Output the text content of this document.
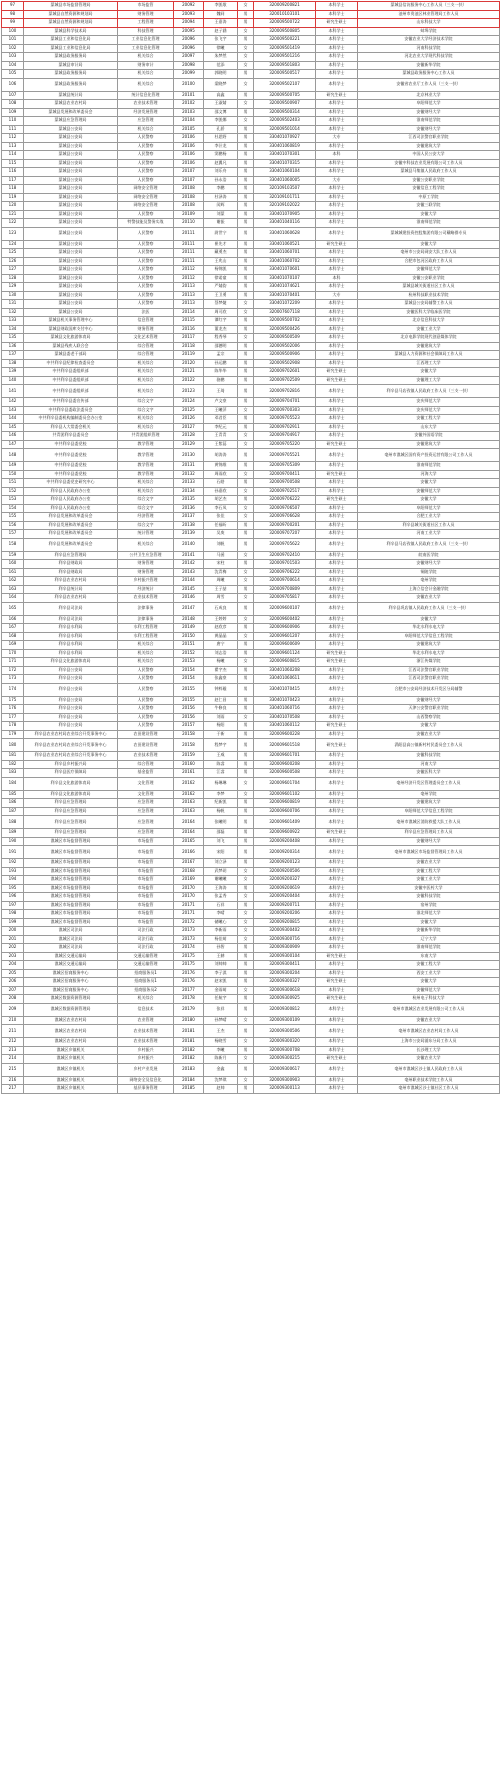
97	蒙城县市场监督管理局	市场监管	20092	李凯歌	女	320009200821	本科学士	蒙城县信访服务中心工作人员（三支一扶）
98	蒙城县自然资源和规划局	财务管理	20093	魏同	男	320010103101	本科学士	池州市贵池区林业管理局工作人员
99	蒙城县自然资源和规划局	工程管理	20094	王嘉涛	男	320009500722	研究生硕士	山东科技大学
100	蒙城县科学技术局	科技管理	20095	赵子涵	女	320009500805	本科学士	蚌埠学院
101	蒙城县工业和信息化局	工业信息化管理	20096	张飞宇	男	320009500221	本科学士	安徽农业大学经济技术学院
102	蒙城县工业和信息化局	工业信息化管理	20096	徐曦	女	320009501419	本科学士	河南科技学院
103	蒙城县政务服务局	机关综合	20097	朱梦然	女	320009501216	本科学士	河北农业大学现代科技学院
104	蒙城县审计局	财务审计	20098	范添	女	320009501803	本科学士	安徽新华学院
105	蒙城县政务服务局	机关综合	20099	郭晓明	男	320009500517	本科学士	蒙城县政务服务中心工作人员
106	蒙城县政务服务局	机关综合	20100	梁晓梦	女	320009502107	本科学士	安徽省农业厅工作人员（三支一扶）
107	蒙城县统计局	统计信息化管理	20101	高鑫	男	320009500705	研究生硕士	北京林业大学
108	蒙城县农业农村局	农业技术管理	20102	王淑婧	女	320009500907	本科学士	阜阳师范大学
109	蒙城县发展和改革委员会	经济发展管理	20103	邵文博	男	320009500314	本科学士	安徽财经大学
110	蒙城县应急管理局	应急管理	20104	李凯娜	女	320009502403	本科学士	淮南师范学院
111	蒙城县公安局	机关综合	20105	孔骄	男	320009501014	本科学士	安徽财经大学
112	蒙城县公安局	人民警察	20106	杜思野	男	330401070927	大专	江西司法警官职业学院
113	蒙城县公安局	人民警察	20106	李汁龙	男	330401060819	本科学士	安徽建筑大学
114	蒙城县公安局	人民警察	20106	窦鹏杨	男	330401070301	本科	中国人民公安大学
115	蒙城县公安局	人民警察	20106	赵翼凡	男	330401070315	本科学士	安徽中科技农业发展有限公司工作人员
116	蒙城县公安局	人民警察	20107	刘乐舟	男	330401060104	本科学士	蒙城县马集镇人民政府工作人员
117	蒙城县公安局	人民警察	20107	孙永浩	男	330401060005	大专	安徽公安职业学院
118	蒙城县公安局	网络安全管理	20108	李鹏	男	320109103507	本科学士	安徽信息工程学院
119	蒙城县公安局	网络安全管理	20108	杜泽涛	男	320109101711	本科学士	中原工学院
120	蒙城县公安局	网络安全管理	20108	闵辉	男	320109102022	本科学士	安徽三联学院
121	蒙城县公安局	人民警察	20109	刘蒙	男	330401070905	本科学士	安徽大学
122	蒙城县公安局	特警技能及警务实战	20110	谢振	男	330401040116	本科学士	淮南师范学院
123	蒙城县公安局	人民警察	20111	尉世宁	男	330401060628	本科学士	蒙城城建投资控股集团有限公司戴略群专员
124	蒙城县公安局	人民警察	20111	崔先才	男	330401060521	研究生硕士	安徽大学
125	蒙城县公安局	人民警察	20111	藏勇杰	男	330401060701	本科学士	亳州市公安局网安大队工作人员
126	蒙城县公安局	人民警察	20111	王兆山	男	330401060702	本科学士	合肥市包河区政府工作人员
127	蒙城县公安局	人民警察	20112	杨锦凯	男	330401070601	本科学士	安徽师范大学
128	蒙城县公安局	人民警察	20112	徐诺童	男	330401070107	本科	安徽公安职业学院
129	蒙城县公安局	人民警察	20113	严婧韵	男	330401074621	本科学士	蒙城县城关街道社区工作人员
130	蒙城县公安局	人民警察	20113	王卫勇	男	330401070401	大专	杭州科技职业技术学院
131	蒙城县公安局	人民警察	20113	蔡梦婕	女	330401072209	本科学士	蒙城县公安局辅警工作人员
132	蒙城县公安局	法医	20114	周可欣	女	320007607118	本科学士	安徽医科大学临床医学院
133	蒙城县机关事务管理中心	信息管理	20115	谭红宇	男	320009500702	本科学士	北京信息科技大学
134	蒙城县财政国库支付中心	财务管理	20116	董龙杰	男	320009500426	本科学士	安徽工业大学
135	蒙城县文化旅游体育局	文化艺术管理	20117	程秀琴	女	320009500509	本科学士	北京电影学院现代创意媒体学院
136	蒙城县残疾人联合会	综合管理	20118	邵德明	男	320009502006	本科学士	安徽建筑大学
137	蒙城县委老干部局	综合管理	20119	孟宗	男	320009500906	本科学士	蒙城县人力资源和社会保障局工作人员
138	中共利辛县纪律检查委员会	机关综合	20120	孙运鹏	男	320009502908	本科学士	江西理工大学
139	中共利辛县委组织部	机关综合	20121	陈华华	男	320009702601	研究生硕士	安徽大学
140	中共利辛县委组织部	机关综合	20122	骆鹏	男	320009702509	研究生硕士	安徽理工大学
141	中共利辛县委组织部	机关综合	20123	王琦	男	320009702816	本科学士	利辛县马店孜镇人民政府工作人员（三支一扶）
142	中共利辛县委宣传部	综合文字	20124	卢文豪	男	320009704701	本科学士	安庆师范大学
143	中共利辛县委政法委员会	综合文字	20125	王曦萍	女	320009700303	本科学士	安庆师范大学
144	中共利辛县委机构编制委员会办公室	机关综合	20126	邓君臣	男	320009705523	本科学士	安徽工程大学
145	利辛县人大常委会机关	机关综合	20127	李纪元	男	320009702911	本科学士	山东大学
146	共青团利辛县委员会	共青团组织管理	20128	王青青	女	320009704917	本科学士	安徽外国语学院
147	中共利辛县委党校	教学管理	20129	王紫蕊	女	320009705220	研究生硕士	安徽建筑大学
148	中共利辛县委党校	教学管理	20130	胡涛涛	男	320009705521	本科学士	亳州市谯城区国有资产投资运营有限公司工作人员
149	中共利辛县委党校	教学管理	20131	黄锦维	男	320009705309	本科学士	淮南师范学院
150	中共利辛县委党校	教学管理	20132	周雨欣	女	320009700411	研究生硕士	河海大学
151	中共利辛县委党史研究中心	机关综合	20133	石皓	男	320009700508	本科学士	安徽大学
152	利辛县人民政府办公室	机关综合	20134	孙嘉欣	女	320009702517	本科学士	安徽师范大学
153	利辛县人民政府办公室	综合文字	20135	胡艺杰	男	320009706222	研究生硕士	安徽大学
154	利辛县人民政府办公室	综合文字	20136	李石凤	女	320009706507	本科学士	阜阳师范大学
155	利辛县发展和改革委员会	经济管理	20137	张佳	女	320009706628	本科学士	合肥工业大学
156	利辛县发展和改革委员会	综合文字	20138	任福昕	男	320009700201	本科学士	利辛县城关街道社区工作人员
157	利辛县发展和改革委员会	统计管理	20139	吴庚	男	320009707207	本科学士	河南工业大学
158	利辛县发展和改革委员会	机关综合	20140	刘帆	男	320009705622	本科学士	利辛县马店孜镇人民政府工作人员（三支一扶）
159	利辛县应急管理局	公共卫生应急管理	20141	马函	女	320009702410	本科学士	皖南医学院
160	利辛县财政局	财务管理	20142	宋柱	男	320009701503	本科学士	安徽财经大学
161	利辛县财政局	财务管理	20143	沈青梅	女	320009706222	本科学士	铜陵学院
162	利辛县农业农村局	乡村振兴管理	20144	周曦	女	320009700614	本科学士	亳州学院
163	利辛县统计局	经济统计	20145	王子喆	男	320009700809	本科学士	上海立信会计金融学院
164	利辛县农业农村局	农业技术管理	20146	周雪	女	320009705817	本科学士	安徽农业大学
165	利辛县司法局	法律事务	20147	石成良	男	320009600107	本科学士	利辛县巩店镇人民政府工作人员（三支一扶）
166	利辛县司法局	法律事务	20148	王婷婷	女	320009600402	本科学士	安徽大学
167	利辛县水利局	水利工程管理	20149	赵欣彦	男	320009600906	本科学士	华北水利水电大学
168	利辛县水利局	水利工程管理	20150	黄晶晶	女	320009601207	本科学士	阜阳师范大学信息工程学院
169	利辛县水利局	机关综合	20151	唐宁	男	320009600609	本科学士	安徽建筑大学
170	利辛县水利局	机关综合	20152	刘志浩	男	320009601124	研究生硕士	华北水利水电大学
171	利辛县文化旅游体育局	机关综合	20153	杨曦	女	320009600815	研究生硕士	浙江传媒学院
172	利辛县公安局	人民警察	20154	翟宇杰	男	330401060208	本科学士	江西司法警官职业学院
173	利辛县公安局	人民警察	20154	张鑫豪	男	330401060611	本科学士	江西司法警官职业学院
174	利辛县公安局	人民警察	20155	钟梓璇	男	330401070415	本科学士	合肥市公安局经济技术开发区分局辅警
175	利辛县公安局	人民警察	20155	赵仁昌	男	330401070423	本科学士	安徽财经大学
176	利辛县公安局	人民警察	20156	牛修良	男	330401060716	本科学士	天津公安警官职业学院
177	利辛县公安局	人民警察	20156	刘雨	女	330401070508	本科学士	山西警察学院
178	利辛县公安局	人民警察	20157	杨阳	男	330401060112	研究生硕士	安徽大学
179	利辛县农业农村局农业综合开发事务中心	农田建设管理	20158	于新	男	320009600228	本科学士	安徽农业大学
180	利辛县农业农村局农业综合开发事务中心	农田建设管理	20158	程梦宇	男	320009601518	研究生硕士	涡阳县高公镇新村村民委员会工作人员
181	利辛县农业农村局农业综合开发事务中心	农业技术管理	20159	王威	男	320009601701	本科学士	安徽科技学院
182	利辛县乡村振兴局	综合管理	20160	陈睿	男	320009600208	本科学士	河南大学
183	利辛县医疗保障局	基金监管	20161	江睿	男	320009600508	本科学士	安徽医科大学
184	利辛县文化旅游体育局	文化管理	20162	杨琳琳	女	320009601704	本科学士	亳州经济开发区管理委员会工作人员
185	利辛县文化旅游体育局	文化管理	20162	李梦	女	320009601102	本科学士	亳州学院
186	利辛县应急管理局	应急管理	20163	纪新凯	男	320009600819	本科学士	安徽建筑大学
187	利辛县应急管理局	应急管理	20163	杨帆	男	320009600706	本科学士	阜阳师范大学信息工程学院
188	利辛县应急管理局	应急管理	20164	张曦明	男	320009601409	本科学士	亳州市谯城区消防救援大队工作人员
189	利辛县应急管理局	应急管理	20164	邵磊	男	320009600922	研究生硕士	利辛县应急管理局工作人员
190	谯城区市场监督管理局	市场监管	20165	刘飞	男	320009200408	本科学士	安徽财经大学
191	谯城区市场监督管理局	市场监管	20166	宋阳	男	320009200314	本科学士	亳州市谯城区市场监督管理局工作人员
192	谯城区市场监督管理局	市场监管	20167	刘立泽	男	320009200123	本科学士	安徽农业大学
193	谯城区市场监督管理局	市场监管	20168	武梦玥	女	320009200506	本科学士	安徽工程大学
194	谯城区市场监督管理局	市场监管	20169	谢曦曦	女	320009200327	本科学士	安徽工业大学
195	谯城区市场监督管理局	市场监管	20170	王海涛	男	320009200619	本科学士	安徽中医药大学
196	谯城区市场监督管理局	市场监管	20170	张孟秀	女	320009200404	本科学士	安徽科技学院
197	谯城区市场监督管理局	市场监管	20171	石祥	男	320009200711	本科学士	宿州学院
198	谯城区市场监督管理局	市场监管	20171	李晴	女	320009200206	本科学士	淮北师范大学
199	谯城区市场监督管理局	市场监管	20172	储曦心	女	320009200815	本科学士	安徽大学
200	谯城区司法局	司法行政	20173	李新雨	女	320009300402	本科学士	安徽新华学院
201	谯城区司法局	司法行政	20173	杨佳萌	女	320009300716	本科学士	辽宁大学
202	谯城区司法局	司法行政	20174	孙智	男	320009300909	本科学士	淮南师范学院
203	谯城区交通运输局	交通运输管理	20175	王赫	男	320009300104	研究生硕士	东南大学
204	谯城区交通运输局	交通运输管理	20175	刘帅帅	男	320009300411	本科学士	安徽工程大学
205	谯城区招商服务中心	招商服务员1	20176	李子淇	男	320009300204	本科学士	西安工业大学
206	谯城区招商服务中心	招商服务员1	20176	赵宋凯	男	320009300327	研究生硕士	安徽大学
207	谯城区招商服务中心	招商服务员2	20177	金雨萌	女	320009300618	本科学士	安徽师范大学
208	谯城区数据资源管理局	机关综合	20178	任航宇	男	320009300925	研究生硕士	杭州电子科技大学
209	谯城区数据资源管理局	信息技术	20179	张祥	男	320009300812	本科学士	亳州市谯城区农业发展有限公司工作人员
210	谯城区农业农村局	农业管理	20180	孙梦晴	女	320009300109	本科学士	安徽农业大学
211	谯城区农业农村局	农业技术管理	20181	王杰	男	320009300506	本科学士	亳州市谯城区农业农村局工作人员
212	谯城区农业农村局	农业技术管理	20181	杨晓雪	女	320009300320	本科学士	上海市公安局浦东分局工作人员
213	谯城区乡镇机关	乡村振兴	20182	李曦	男	320009300708	本科学士	长沙理工大学
214	谯城区乡镇机关	乡村振兴	20182	陈新月	女	320009300215	研究生硕士	安徽农业大学
215	谯城区乡镇机关	乡村产业发展	20183	金鑫	男	320009300617	本科学士	亳州市谯城区沙土镇人民政府工作人员
216	谯城区乡镇机关	网络安全及信息化	20184	沈梦琪	女	320009300903	本科学士	亳州职业技术学院工作人员
217	谯城区乡镇机关	基层事务管理	20185	赵帅	男	320009300113	本科学士	亳州市谯城区沙土镇社区工作人员
